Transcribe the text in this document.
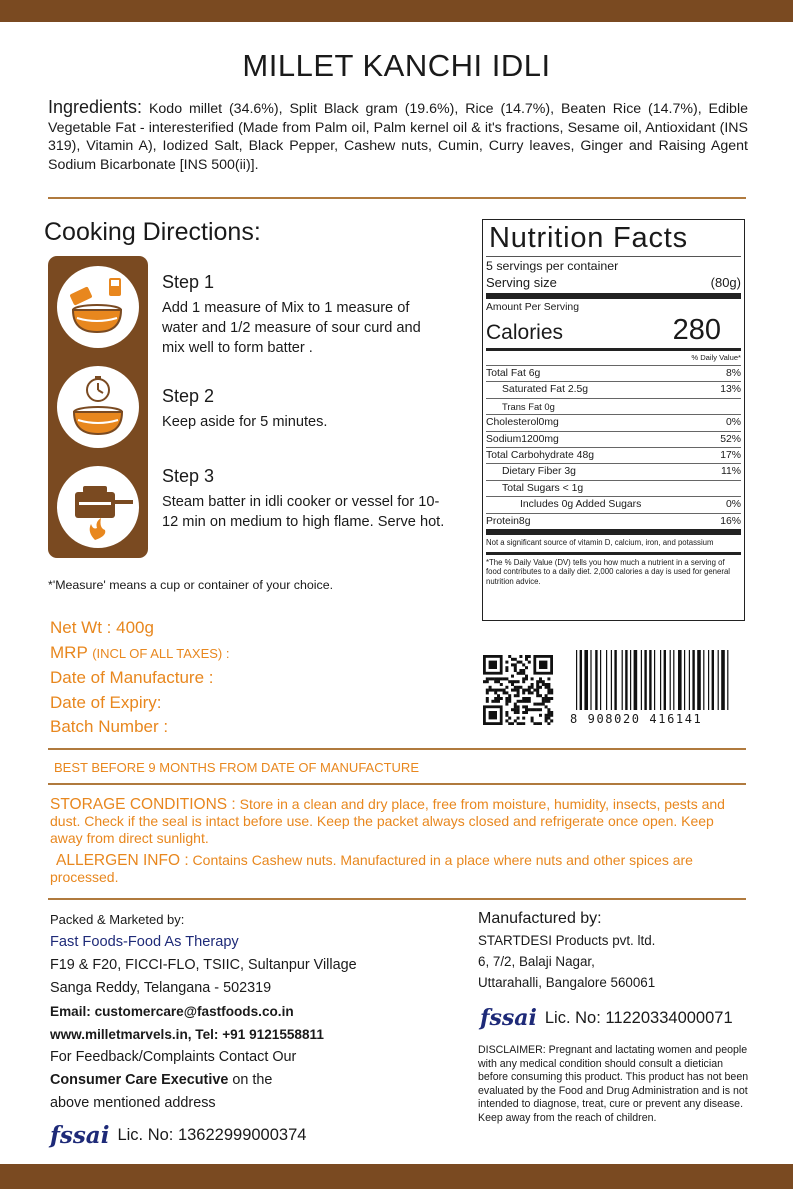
MILLET KANCHI IDLI
Ingredients: Kodo millet (34.6%), Split Black gram (19.6%), Rice (14.7%), Beaten Rice (14.7%), Edible Vegetable Fat - interesterified (Made from Palm oil, Palm kernel oil & it's fractions, Sesame oil, Antioxidant (INS 319), Vitamin A), Iodized Salt, Black Pepper, Cashew nuts, Cumin, Curry leaves, Ginger and Raising Agent Sodium Bicarbonate [INS 500(ii)].
Cooking Directions:
Step 1
Add 1 measure of Mix to 1 measure of water and 1/2 measure of sour curd and mix well to form batter .
Step 2
Keep aside for 5 minutes.
Step 3
Steam batter in idli cooker or vessel for 10-12 min on medium to high flame. Serve hot.
*'Measure' means a cup or container of your choice.
Nutrition Facts
5 servings per container
Serving size	(80g)
Amount Per Serving
Calories	280
% Daily Value*
Total Fat 6g	8%
Saturated Fat 2.5g	13%
Trans Fat 0g
Cholesterol0mg	0%
Sodium1200mg	52%
Total Carbohydrate 48g	17%
Dietary Fiber 3g	11%
Total Sugars < 1g
Includes 0g Added Sugars	0%
Protein8g	16%
Not a significant source of vitamin D, calcium, iron, and potassium
*The % Daily Value (DV) tells you how much a nutrient in a serving of food contributes to a daily diet. 2,000 calories a day is used for general nutrition advice.
Net Wt : 400g
MRP (INCL OF ALL TAXES) :
Date of Manufacture :
Date of Expiry:
Batch Number :	8 908020 416141
BEST BEFORE 9 MONTHS FROM DATE OF MANUFACTURE
STORAGE CONDITIONS : Store in a clean and dry place, free from moisture, humidity, insects, pests and dust. Check if the seal is intact before use. Keep the packet always closed and refrigerate once open. Keep away from direct sunlight.
ALLERGEN INFO : Contains Cashew nuts. Manufactured in a place where nuts and other spices are processed.
Packed & Marketed by:
Fast Foods-Food As Therapy
F19 & F20, FICCI-FLO, TSIIC, Sultanpur Village
Sanga Reddy, Telangana - 502319
Email: customercare@fastfoods.co.in
www.milletmarvels.in, Tel: +91 9121558811
For Feedback/Complaints Contact Our
Consumer Care Executive on the
above mentioned address
fssai Lic. No: 13622999000374
Manufactured by:
STARTDESI Products pvt. ltd.
6, 7/2, Balaji Nagar,
Uttarahalli, Bangalore 560061
fssai Lic. No: 11220334000071
DISCLAIMER: Pregnant and lactating women and people with any medical condition should consult a dietician before consuming this product. This product has not been evaluated by the Food and Drug Administration and is not intended to diagnose, treat, cure or prevent any disease. Keep away from the reach of children.
